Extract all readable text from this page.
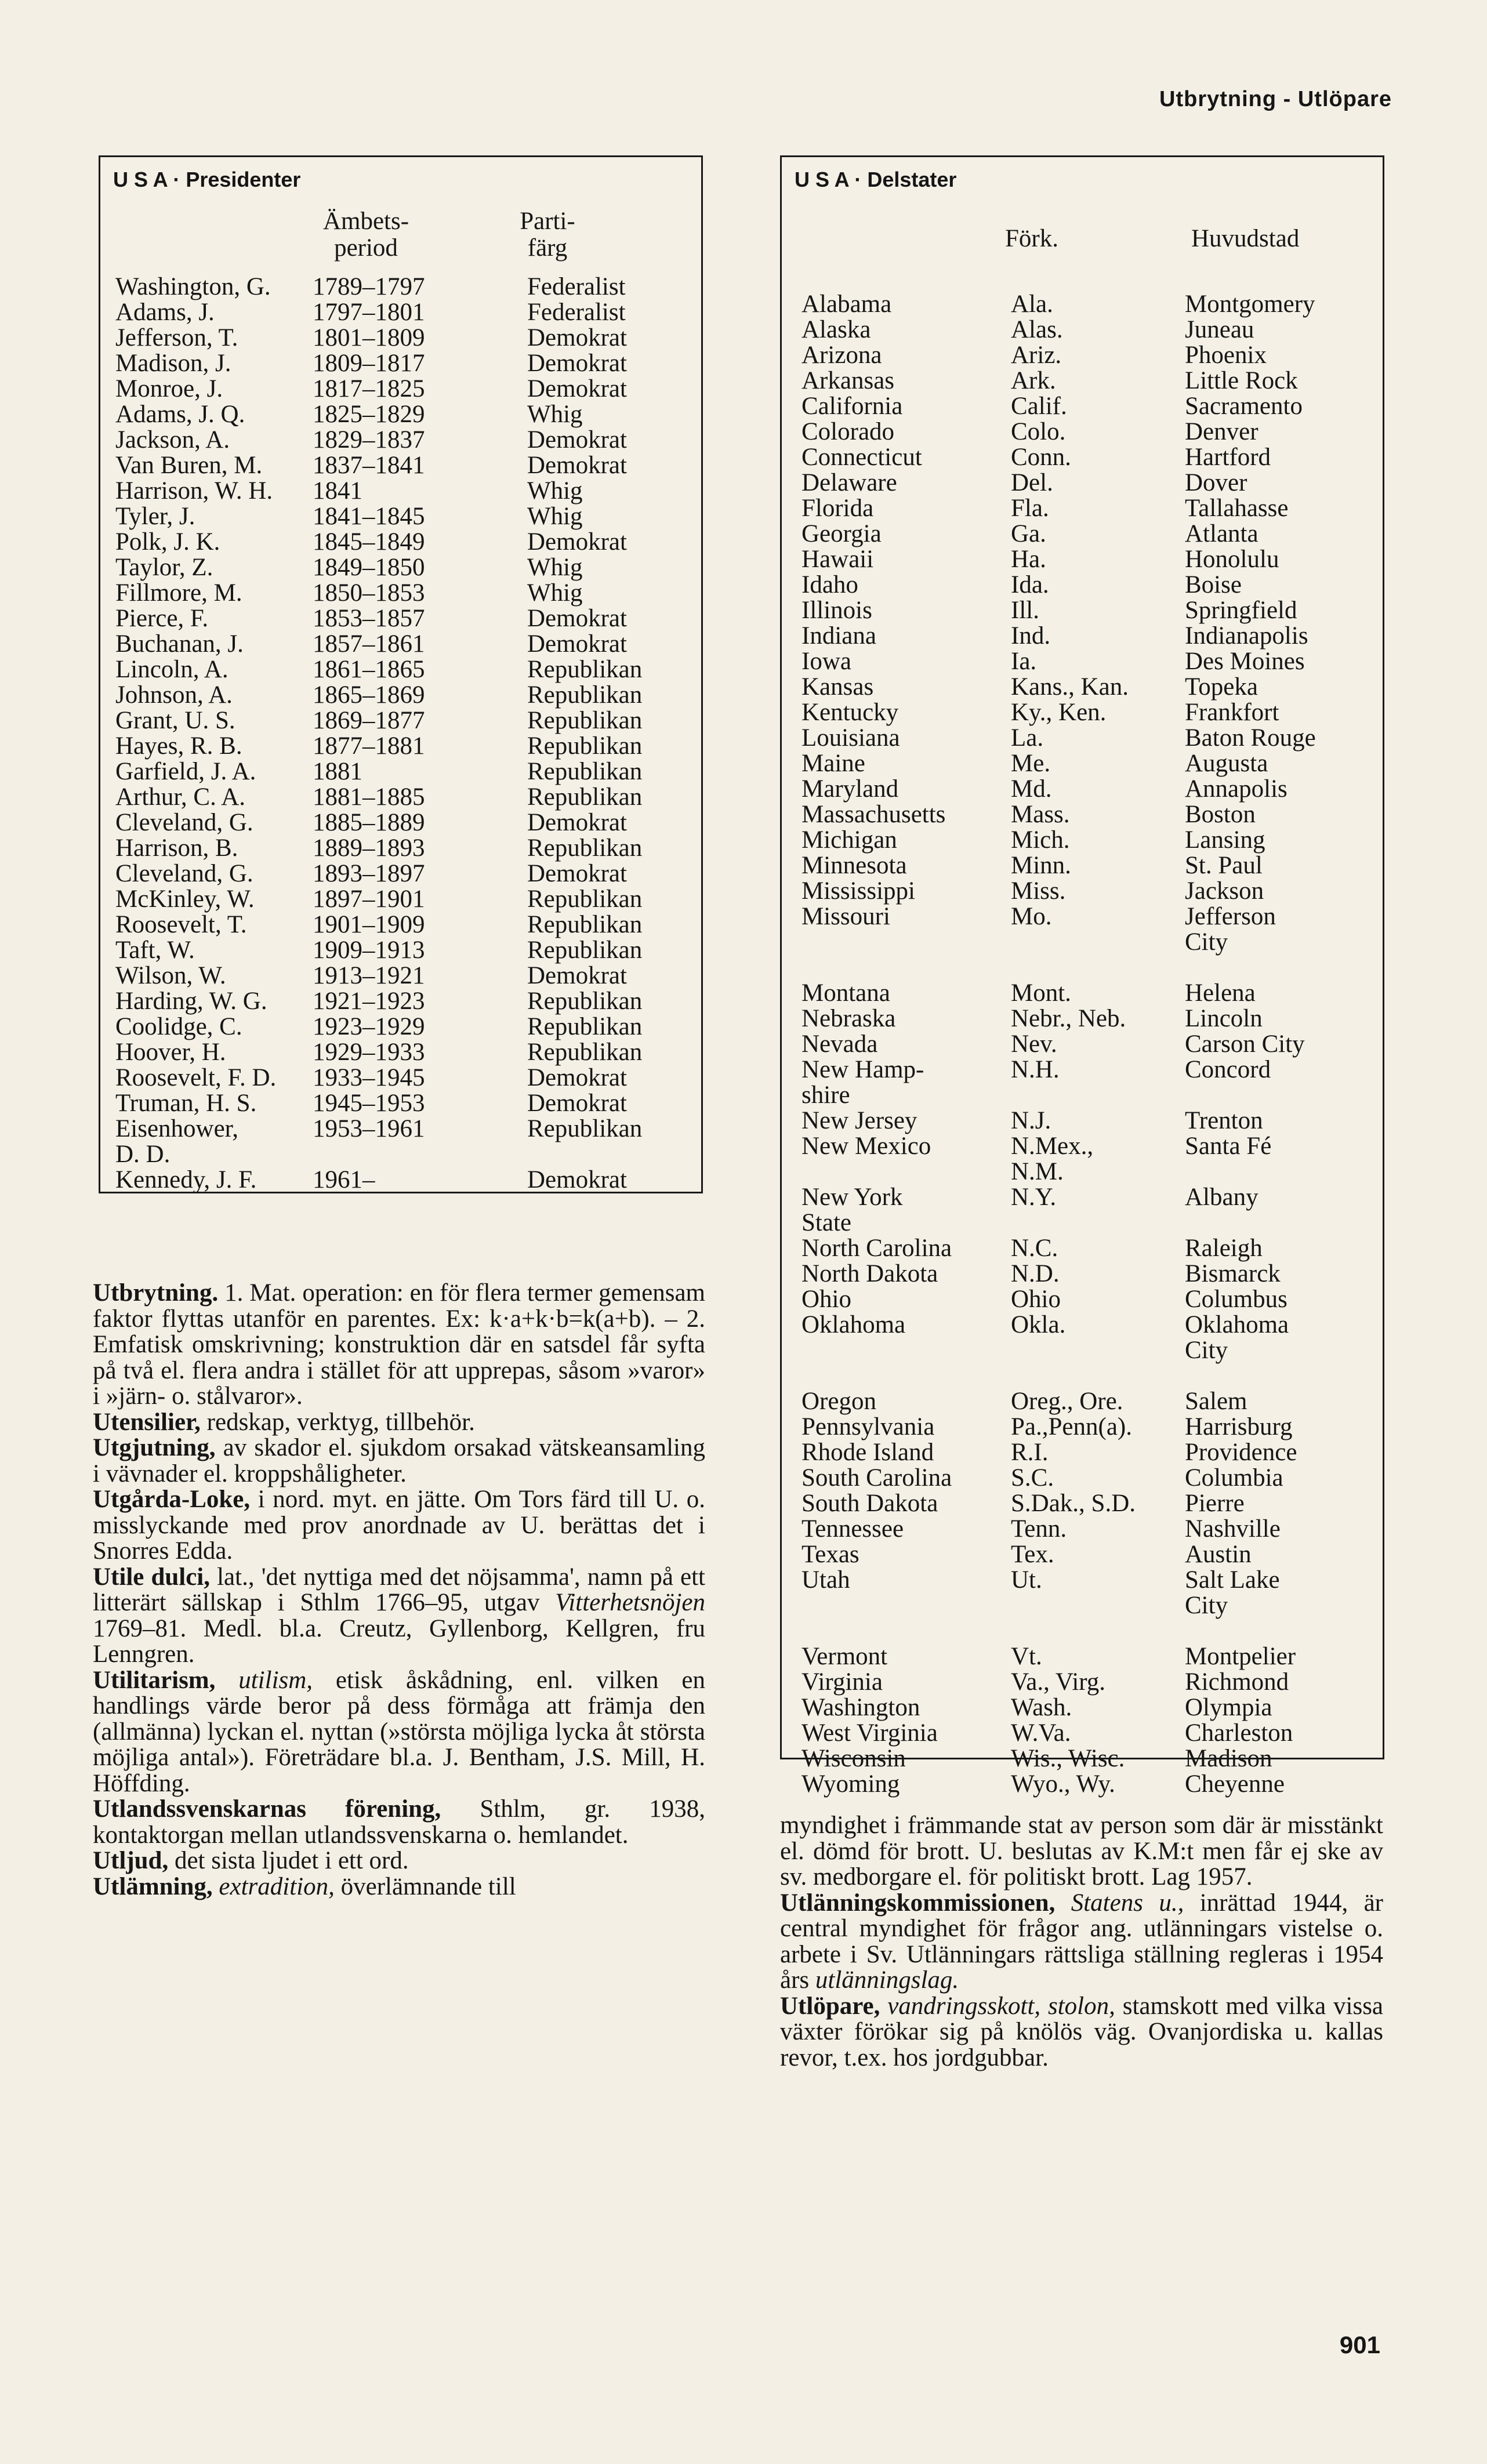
Utbrytning - Utlöpare
U S A · Presidenter
Ämbets-
period
Parti-
färg
Washington, G.
Adams, J.
Jefferson, T.
Madison, J.
Monroe, J.
Adams, J. Q.
Jackson, A.
Van Buren, M.
Harrison, W. H.
Tyler, J.
Polk, J. K.
Taylor, Z.
Fillmore, M.
Pierce, F.
Buchanan, J.
Lincoln, A.
Johnson, A.
Grant, U. S.
Hayes, R. B.
Garfield, J. A.
Arthur, C. A.
Cleveland, G.
Harrison, B.
Cleveland, G.
McKinley, W.
Roosevelt, T.
Taft, W.
Wilson, W.
Harding, W. G.
Coolidge, C.
Hoover, H.
Roosevelt, F. D.
Truman, H. S.
Eisenhower,
D. D.
Kennedy, J. F.
1789–1797
1797–1801
1801–1809
1809–1817
1817–1825
1825–1829
1829–1837
1837–1841
1841
1841–1845
1845–1849
1849–1850
1850–1853
1853–1857
1857–1861
1861–1865
1865–1869
1869–1877
1877–1881
1881
1881–1885
1885–1889
1889–1893
1893–1897
1897–1901
1901–1909
1909–1913
1913–1921
1921–1923
1923–1929
1929–1933
1933–1945
1945–1953
1953–1961
1961–
Federalist
Federalist
Demokrat
Demokrat
Demokrat
Whig
Demokrat
Demokrat
Whig
Whig
Demokrat
Whig
Whig
Demokrat
Demokrat
Republikan
Republikan
Republikan
Republikan
Republikan
Republikan
Demokrat
Republikan
Demokrat
Republikan
Republikan
Republikan
Demokrat
Republikan
Republikan
Republikan
Demokrat
Demokrat
Republikan
Demokrat
U S A · Delstater
Förk.	Huvudstad
Alabama
Alaska
Arizona
Arkansas
California
Colorado
Connecticut
Delaware
Florida
Georgia
Hawaii
Idaho
Illinois
Indiana
Iowa
Kansas
Kentucky
Louisiana
Maine
Maryland
Massachusetts
Michigan
Minnesota
Mississippi
Missouri
Montana
Nebraska
Nevada
New Hamp-
shire
New Jersey
New Mexico
New York
State
North Carolina
North Dakota
Ohio
Oklahoma
Oregon
Pennsylvania
Rhode Island
South Carolina
South Dakota
Tennessee
Texas
Utah
Vermont
Virginia
Washington
West Virginia
Wisconsin
Wyoming
Ala.
Alas.
Ariz.
Ark.
Calif.
Colo.
Conn.
Del.
Fla.
Ga.
Ha.
Ida.
Ill.
Ind.
Ia.
Kans., Kan.
Ky., Ken.
La.
Me.
Md.
Mass.
Mich.
Minn.
Miss.
Mo.
Mont.
Nebr., Neb.
Nev.
N.H.
N.J.
N.Mex.,
N.M.
N.Y.
N.C.
N.D.
Ohio
Okla.
Oreg., Ore.
Pa.,Penn(a).
R.I.
S.C.
S.Dak., S.D.
Tenn.
Tex.
Ut.
Vt.
Va., Virg.
Wash.
W.Va.
Wis., Wisc.
Wyo., Wy.
Montgomery
Juneau
Phoenix
Little Rock
Sacramento
Denver
Hartford
Dover
Tallahasse
Atlanta
Honolulu
Boise
Springfield
Indianapolis
Des Moines
Topeka
Frankfort
Baton Rouge
Augusta
Annapolis
Boston
Lansing
St. Paul
Jackson
Jefferson
City
Helena
Lincoln
Carson City
Concord
Trenton
Santa Fé
Albany
Raleigh
Bismarck
Columbus
Oklahoma
City
Salem
Harrisburg
Providence
Columbia
Pierre
Nashville
Austin
Salt Lake
City
Montpelier
Richmond
Olympia
Charleston
Madison
Cheyenne

Utbrytning. 1. Mat. operation: en för flera termer gemensam faktor flyttas utanför en parentes. Ex: k·a+k·b=k(a+b). – 2. Emfatisk omskrivning; konstruktion där en satsdel får syfta på två el. flera andra i stället för att upprepas, såsom »varor» i »järn- o. stålvaror».

Utensilier, redskap, verktyg, tillbehör.

Utgjutning, av skador el. sjukdom orsakad vätskeansamling i vävnader el. kroppshåligheter.

Utgårda-Loke, i nord. myt. en jätte. Om Tors färd till U. o. misslyckande med prov anordnade av U. berättas det i Snorres Edda.

Utile dulci, lat., 'det nyttiga med det nöjsamma', namn på ett litterärt sällskap i Sthlm 1766–95, utgav Vitterhetsnöjen 1769–81. Medl. bl.a. Creutz, Gyllenborg, Kellgren, fru Lenngren.

Utilitarism, utilism, etisk åskådning, enl. vilken en handlings värde beror på dess förmåga att främja den (allmänna) lyckan el. nyttan (»största möjliga lycka åt största möjliga antal»). Företrädare bl.a. J. Bentham, J.S. Mill, H. Höffding.

Utlandssvenskarnas förening, Sthlm, gr. 1938, kontaktorgan mellan utlandssvenskarna o. hemlandet.

Utljud, det sista ljudet i ett ord.

Utlämning, extradition, överlämnande till

myndighet i främmande stat av person som där är misstänkt el. dömd för brott. U. beslutas av K.M:t men får ej ske av sv. medborgare el. för politiskt brott. Lag 1957.

Utlänningskommissionen, Statens u., inrättad 1944, är central myndighet för frågor ang. utlänningars vistelse o. arbete i Sv. Utlänningars rättsliga ställning regleras i 1954 års utlänningslag.

Utlöpare, vandringsskott, stolon, stamskott med vilka vissa växter förökar sig på knölös väg. Ovanjordiska u. kallas revor, t.ex. hos jordgubbar.

901
